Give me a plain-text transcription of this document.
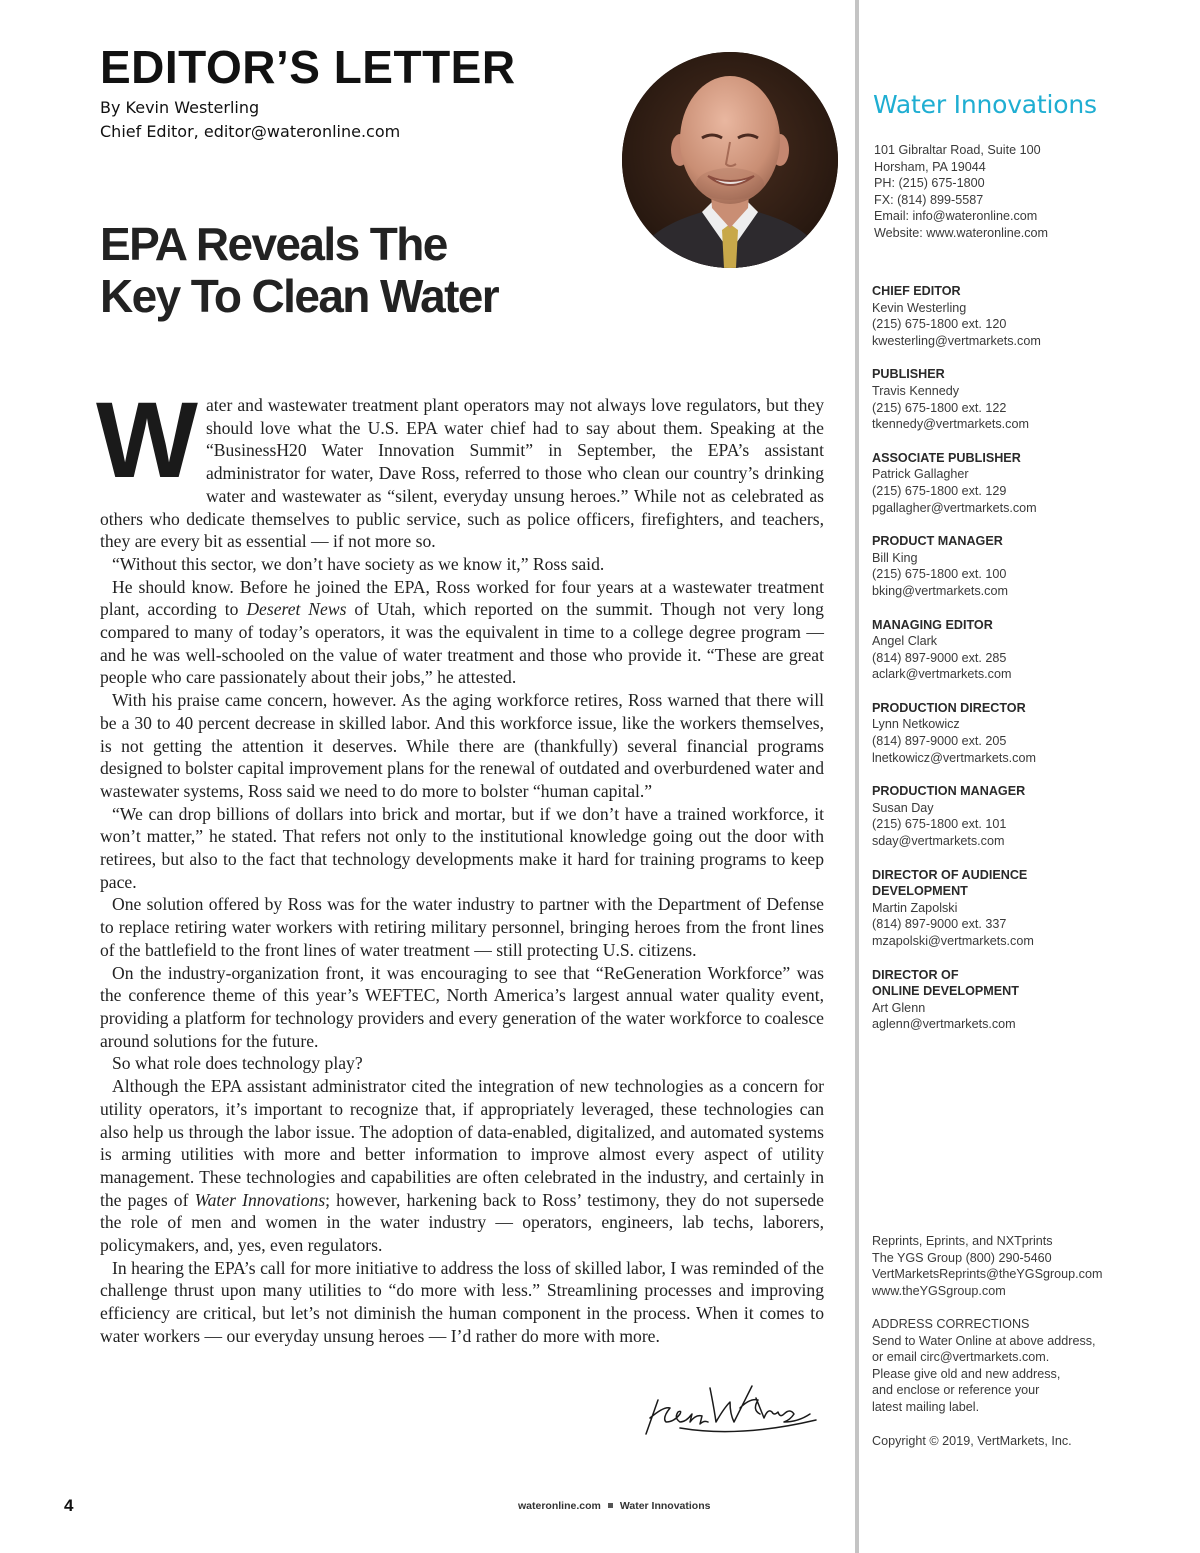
EDITOR’S LETTER
By Kevin Westerling
Chief Editor, editor@wateronline.com
EPA Reveals The
Key To Clean Water

Water and wastewater treatment plant operators may not always love regulators, but they should love what the U.S. EPA water chief had to say about them. Speaking at the “BusinessH20 Water Innovation Summit” in September, the EPA’s assistant administrator for water, Dave Ross, referred to those who clean our country’s drinking water and wastewater as “silent, everyday unsung heroes.” While not as celebrated as others who dedicate themselves to public service, such as police officers, firefighters, and teachers, they are every bit as essential — if not more so.

“Without this sector, we don’t have society as we know it,” Ross said.

He should know. Before he joined the EPA, Ross worked for four years at a wastewater treatment plant, according to Deseret News of Utah, which reported on the summit. Though not very long compared to many of today’s operators, it was the equivalent in time to a college degree program — and he was well-schooled on the value of water treatment and those who provide it. “These are great people who care passionately about their jobs,” he attested.

With his praise came concern, however. As the aging workforce retires, Ross warned that there will be a 30 to 40 percent decrease in skilled labor. And this workforce issue, like the workers themselves, is not getting the attention it deserves. While there are (thankfully) several financial programs designed to bolster capital improvement plans for the renewal of outdated and overburdened water and wastewater systems, Ross said we need to do more to bolster “human capital.”

“We can drop billions of dollars into brick and mortar, but if we don’t have a trained workforce, it won’t matter,” he stated. That refers not only to the institutional knowledge going out the door with retirees, but also to the fact that technology developments make it hard for training programs to keep pace.

One solution offered by Ross was for the water industry to partner with the Department of Defense to replace retiring water workers with retiring military personnel, bringing heroes from the front lines of the battlefield to the front lines of water treatment — still protecting U.S. citizens.

On the industry-organization front, it was encouraging to see that “ReGeneration Workforce” was the conference theme of this year’s WEFTEC, North America’s largest annual water quality event, providing a platform for technology providers and every generation of the water workforce to coalesce around solutions for the future.

So what role does technology play?

Although the EPA assistant administrator cited the integration of new technologies as a concern for utility operators, it’s important to recognize that, if appropriately leveraged, these technologies can also help us through the labor issue. The adoption of data-enabled, digitalized, and automated systems is arming utilities with more and better information to improve almost every aspect of utility management. These technologies and capabilities are often celebrated in the industry, and certainly in the pages of Water Innovations; however, harkening back to Ross’ testimony, they do not supersede the role of men and women in the water industry — operators, engineers, lab techs, laborers, policymakers, and, yes, even regulators.

In hearing the EPA’s call for more initiative to address the loss of skilled labor, I was reminded of the challenge thrust upon many utilities to “do more with less.” Streamlining processes and improving efficiency are critical, but let’s not diminish the human component in the process. When it comes to water workers — our everyday unsung heroes — I’d rather do more with more.

4	wateronline.com Water Innovations
Water Innovations
101 Gibraltar Road, Suite 100
Horsham, PA 19044
PH: (215) 675-1800
FX: (814) 899-5587
Email: info@wateronline.com
Website: www.wateronline.com
CHIEF EDITOR
Kevin Westerling
(215) 675-1800 ext. 120
kwesterling@vertmarkets.com
PUBLISHER
Travis Kennedy
(215) 675-1800 ext. 122
tkennedy@vertmarkets.com
ASSOCIATE PUBLISHER
Patrick Gallagher
(215) 675-1800 ext. 129
pgallagher@vertmarkets.com
PRODUCT MANAGER
Bill King
(215) 675-1800 ext. 100
bking@vertmarkets.com
MANAGING EDITOR
Angel Clark
(814) 897-9000 ext. 285
aclark@vertmarkets.com
PRODUCTION DIRECTOR
Lynn Netkowicz
(814) 897-9000 ext. 205
lnetkowicz@vertmarkets.com
PRODUCTION MANAGER
Susan Day
(215) 675-1800 ext. 101
sday@vertmarkets.com
DIRECTOR OF AUDIENCE
DEVELOPMENT
Martin Zapolski
(814) 897-9000 ext. 337
mzapolski@vertmarkets.com
DIRECTOR OF
ONLINE DEVELOPMENT
Art Glenn
aglenn@vertmarkets.com
Reprints, Eprints, and NXTprints
The YGS Group (800) 290-5460
VertMarketsReprints@theYGSgroup.com
www.theYGSgroup.com
ADDRESS CORRECTIONS
Send to Water Online at above address,
or email circ@vertmarkets.com.
Please give old and new address,
and enclose or reference your
latest mailing label.
Copyright © 2019, VertMarkets, Inc.
